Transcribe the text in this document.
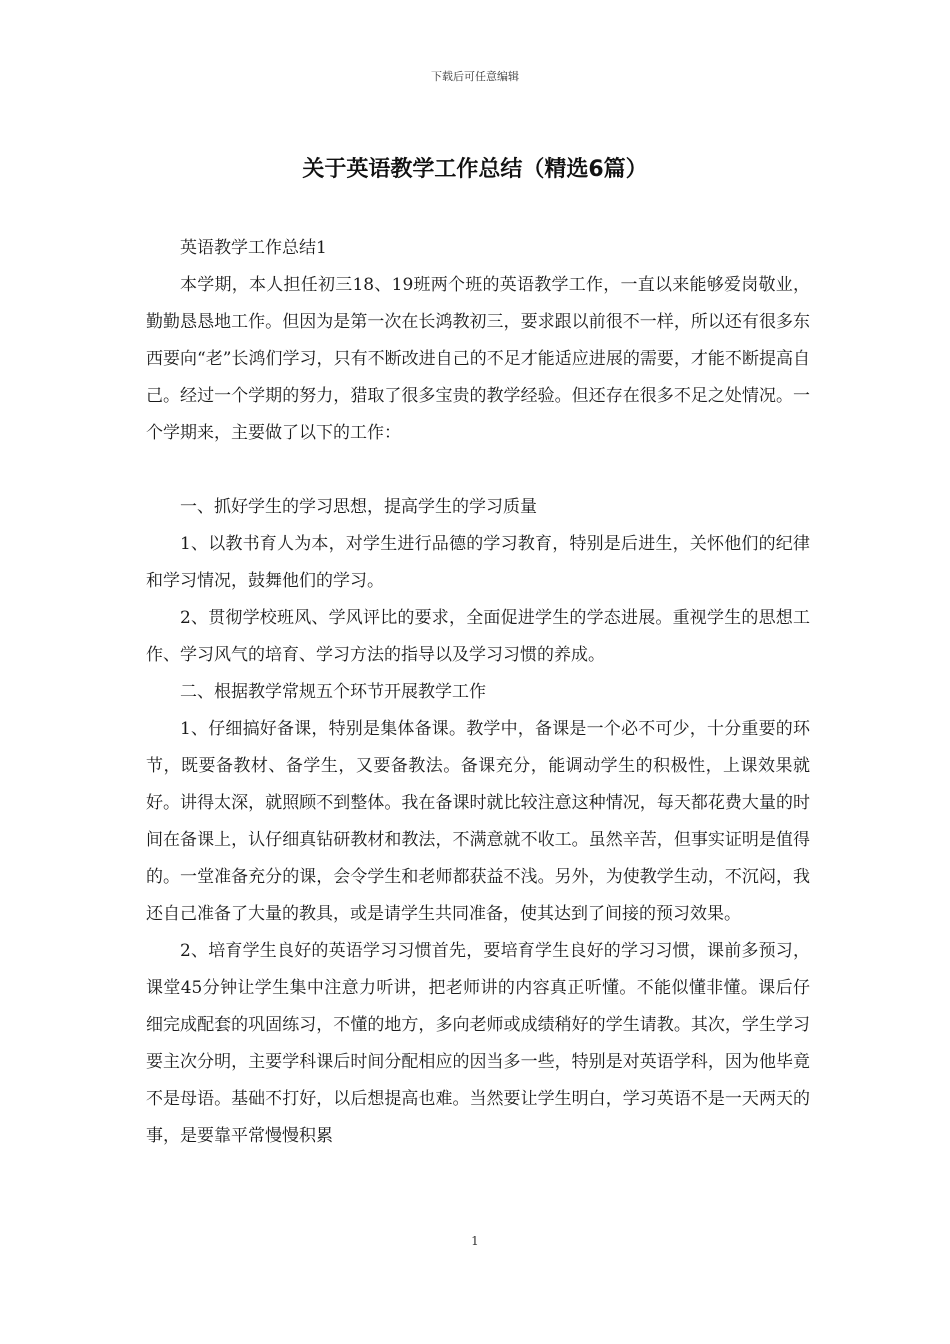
下载后可任意编辑
关于英语教学工作总结（精选6篇）

英语教学工作总结1

本学期，本人担任初三18、19班两个班的英语教学工作，一直以来能够爱岗敬业，勤勤恳恳地工作。但因为是第一次在长鸿教初三，要求跟以前很不一样，所以还有很多东西要向“老”长鸿们学习，只有不断改进自己的不足才能适应进展的需要，才能不断提高自己。经过一个学期的努力，猎取了很多宝贵的教学经验。但还存在很多不足之处情况。一个学期来，主要做了以下的工作：

一、抓好学生的学习思想，提高学生的学习质量

1、以教书育人为本，对学生进行品德的学习教育，特别是后进生，关怀他们的纪律和学习情况，鼓舞他们的学习。

2、贯彻学校班风、学风评比的要求，全面促进学生的学态进展。重视学生的思想工作、学习风气的培育、学习方法的指导以及学习习惯的养成。

二、根据教学常规五个环节开展教学工作

1、仔细搞好备课，特别是集体备课。教学中，备课是一个必不可少，十分重要的环节，既要备教材、备学生，又要备教法。备课充分，能调动学生的积极性，上课效果就好。讲得太深，就照顾不到整体。我在备课时就比较注意这种情况，每天都花费大量的时间在备课上，认仔细真钻研教材和教法，不满意就不收工。虽然辛苦，但事实证明是值得的。一堂准备充分的课，会令学生和老师都获益不浅。另外，为使教学生动，不沉闷，我还自己准备了大量的教具，或是请学生共同准备，使其达到了间接的预习效果。

2、培育学生良好的英语学习习惯首先，要培育学生良好的学习习惯，课前多预习，课堂45分钟让学生集中注意力听讲，把老师讲的内容真正听懂。不能似懂非懂。课后仔细完成配套的巩固练习，不懂的地方，多向老师或成绩稍好的学生请教。其次，学生学习要主次分明，主要学科课后时间分配相应的因当多一些，特别是对英语学科，因为他毕竟不是母语。基础不打好，以后想提高也难。当然要让学生明白，学习英语不是一天两天的事，是要靠平常慢慢积累

1
